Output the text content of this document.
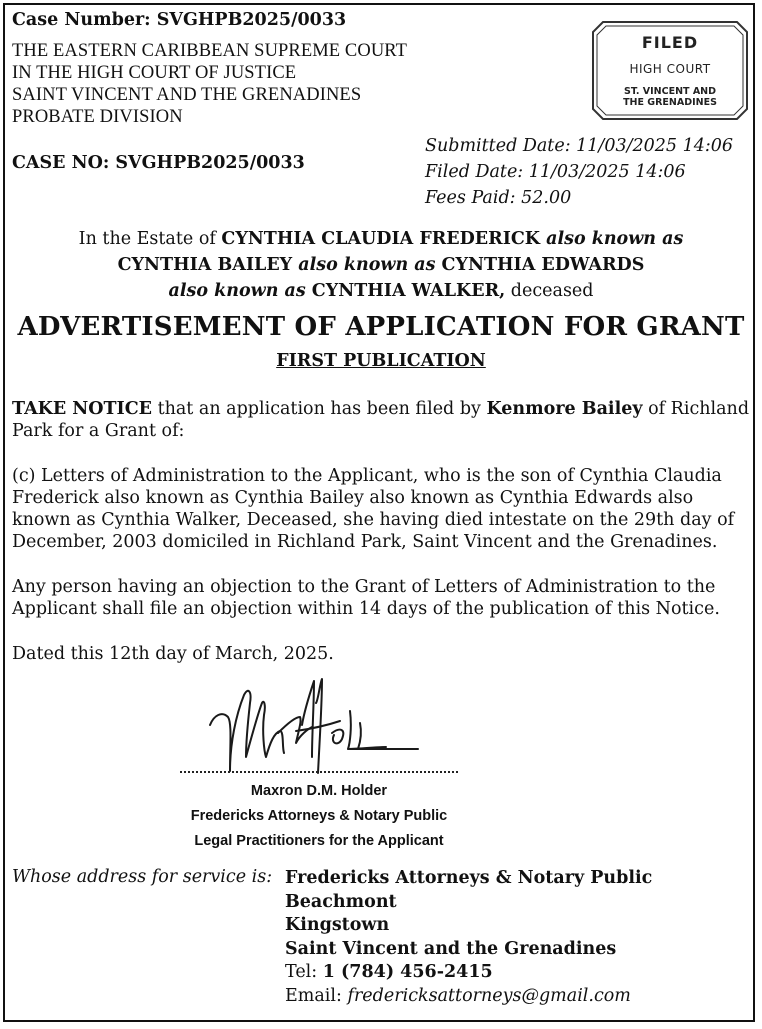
Case Number: SVGHPB2025/0033
THE EASTERN CARIBBEAN SUPREME COURT
IN THE HIGH COURT OF JUSTICE
SAINT VINCENT AND THE GRENADINES
PROBATE DIVISION
CASE NO: SVGHPB2025/0033
Submitted Date: 11/03/2025 14:06
Filed Date: 11/03/2025 14:06
Fees Paid: 52.00
FILED
HIGH COURT
ST. VINCENT AND
THE GRENADINES
In the Estate of CYNTHIA CLAUDIA FREDERICK also known as
CYNTHIA BAILEY also known as CYNTHIA EDWARDS
also known as CYNTHIA WALKER, deceased
ADVERTISEMENT OF APPLICATION FOR GRANT
FIRST PUBLICATION
TAKE NOTICE that an application has been filed by Kenmore Bailey of Richland Park for a Grant of:
(c) Letters of Administration to the Applicant, who is the son of Cynthia Claudia Frederick also known as Cynthia Bailey also known as Cynthia Edwards also known as Cynthia Walker, Deceased, she having died intestate on the 29th day of December, 2003 domiciled in Richland Park, Saint Vincent and the Grenadines.
Any person having an objection to the Grant of Letters of Administration to the Applicant shall file an objection within 14 days of the publication of this Notice.
Dated this 12th day of March, 2025.
Maxron D.M. Holder
Fredericks Attorneys & Notary Public
Legal Practitioners for the Applicant
Whose address for service is: Fredericks Attorneys & Notary Public
Beachmont
Kingstown
Saint Vincent and the Grenadines
Tel: 1 (784) 456-2415
Email: fredericksattorneys@gmail.com
